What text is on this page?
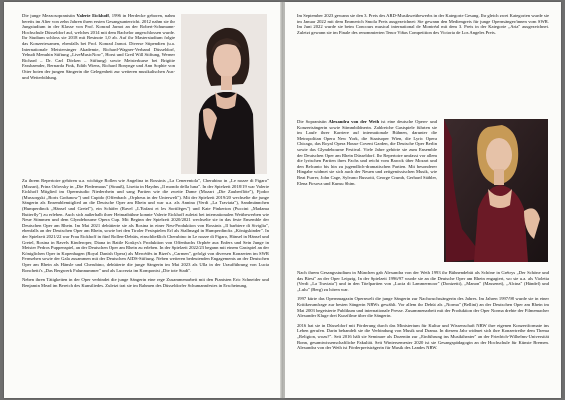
Die junge Mezzosopranistin Valerie Eickhoff, 1996 in Herdecke geboren, nahm bereits im Alter von zehn Jahren ihren ersten Gesangsunterricht. 2012 nahm sie ihr Jungstudium in der Klasse von Prof. Konrad Jarnot an der Robert-Schumann-Hochschule Düsseldorf auf, welches 2014 mit dem Bachelor angeschlossen wurde. Ihr Studium schloss sie 2018 mit Bestnote 1,0 ab. Auf ihr Masterstudium folgte das Konzertexamen, ebenfalls bei Prof. Konrad Jarnot. Diverse Stipendien (u.a. Internationale Meistersinger Akademie, Richard-Wagner-Verband Düsseldorf, Yehudi Menuhin Stiftung „LiveMusicNow", Horst und Gretl Will Stiftung, Werner Richard – Dr. Carl Dörken – Stiftung) sowie Meisterkurse bei Brigitte Fassbaender, Bernarda Fink, Edith Wiens, Richard Bonynge und Ann Sophie von Otter boten der jungen Sängerin die Gelegenheit zur weiteren musikalischen Aus- und Weiterbildung.

Zu ihrem Repertoire gehören u.a. wichtige Rollen wie Angelina in Rossinis „La Cenerentola", Cherubino in „Le nozze di Figaro" (Mozart), Prinz Orlovsky in „Die Fledermaus" (Strauß), Lisetta in Haydns „Il mondo della luna". In der Spielzeit 2018/19 war Valerie Eickhoff Mitglied im Opernstudio Niederrhein und sang Partien wie die zweite Dame (Mozart „Die Zauberflöte"), Fjodor (Mussorgski „Boris Godunow") und Cupido (Offenbach „Orpheus in der Unterwelt"). Mit der Spielzeit 2019/20 wechselte die junge Sängerin als Ensemblemitglied an die Deutsche Oper am Rhein und war u.a. als Annina (Verdi „La Traviata"), Sandmännchen (Humperdinck „Hänsel und Gretel"), ein Schäfer (Ravel „L'Enfant et les Sortilèges") und Kate Pinkerton (Puccini „Madama Butterfly") zu erleben. Auch sich außerhalb ihrer Heimatbühne konnte Valerie Eickhoff zuletzt bei internationalen Wettbewerben wie Neue Stimmen und dem Glyndebourne Opera Cup. Mit Beginn der Spielzeit 2020/2021 wechselte sie in das feste Ensemble der Deutschen Oper am Rhein. Im Mai 2021 debütierte sie als Rosina in einer Neu-Produktion von Rossinis „Il barbiere di Siviglia", ebenfalls an der Deutschen Oper am Rhein, sowie bei den Tiroler Festspielen Erl als Stallmagd in Humperdincks „Königskinder". In der Spielzeit 2021/22 war Frau Eickhoff in fünf Rollen-Debüts, einschließlich Cherubino in Le nozze di Figaro, Hänsel in Hänsel und Gretel, Rosina in Ravels Kinderoper, Diana in Battle Koskys's Produktion von Offenbachs Orphée aux Enfers und Sein Junge in Meister Pedros Puppenspiel, an der Deutschen Oper am Rhein zu erleben. In der Spielzeit 2022/23 begann mit einem Gastspiel an der Königlichen Oper in Kopenhagen (Royal Danish Opera) als Mercédès in Bizet's „Carmen", gefolgt von diversen Konzerten im SWR Fernsehen sowie der Gala zusammen mit der Deutschen AIDS-Stiftung. Neben weiteren bedeutenden Engagements an der Deutschen Oper am Rhein als Hänsle und Cherubino, debütierte die junge Sängerin im Mai 2023 als Ulla in der Uraufführung von Lucia Ronchetti's „Das Bergwerk Falunnummer" und als Lucrezia im Komponist „Die tote Stadt".

Neben ihren Tätigkeiten in der Oper verbindet die junge Sängerin eine rege Zusammenarbeit mit den Pianisten Eric Schneider und Benjamin Mead im Bereich des Kunstliedes. Zuletzt trat sie im Rahmen des Düsseldorfer Schumannfestes in Erscheinung.

Im September 2023 gewann sie den 3. Preis des ARD-Musikwettbewerbs in der Kategorie Gesang. Ihr gleich zwei Kategorien wurde sie im Januar 2022 mit dem Emmerich Smola Preis ausgezeichnet: Sie gewann den Mediengreis für junge Opernsänger/innen vom SWR. Im Juni 2022 wurde sie beim Concours musical international de Montréal mit dem 3. Preis in der Kategorie „Aria" ausgezeichnet. Zuletzt gewann sie im Finale des renommierten Tenor Viñas Competition des Victoria de Los Angeles Preis.

Die Sopranistin Alexandra von der Weth ist eine deutsche Opern- und Konzertsängerin sowie Stimmbildnerin. Zahlreiche Gastspiele führten sie im Laufe ihrer Karriere auf internationale Bühnen, darunter die Metropolitan Opera New York, die Staatsoper Wien, die Lyric Opera Chicago, das Royal Opera House Covent Garden, die Deutsche Oper Berlin sowie das Glyndebourne Festival. Viele Jahre gehörte sie zum Ensemble der Deutschen Oper am Rhein Düsseldorf. Ihr Repertoire umfasst vor allem die lyrischen Partien ihres Fachs und reicht vom Barock über Mozart und den Belcanto bis hin zu jugendlich-dramatischen Partien. Mit besonderer Hingabe widmet sie sich auch der Neuen und zeitgenössischen Musik, wie Beat Furrer, John Cage, Sylvano Bussotti, George Crumb, Gerhard Stäbler, Elena Firsova und Kunsu Shim.

Nach ihrem Gesangsstudium in München gab Alexandra von der Weth 1993 ihr Bühnendebüt als Schöne in Grétrys „Der Schöne und das Biest" an der Oper Leipzig. In der Spielzeit 1996/97 wurde sie an die Deutsche Oper am Rhein engagiert, wo sie u.a. als Violetta (Verdi „La Traviata") und in den Titelpartien von „Lucia di Lammermoor" (Donizetti), „Manon" (Massenet), „Alcina" (Händel) und „Lulu" (Berg) zu hören war.

1997 kürte das Opernmagazin Opernwelt die junge Sängerin zur Nachwuchssängerin des Jahres. Im Jahren 1997/98 wurde sie in einer Kritikerumfrage zur besten Sängerin NRWs gewählt. Vor allem ihr Debüt als „Norma" (Bellini) an der Deutschen Oper am Rhein im Mai 2003 begeisterte Publikum und internationale Presse. Zusammenarbeit mit der Produktion der Oper Norma drehte der Filmemacher Alexander Kluge drei Kurzfilme über die Sängerin.

2016 hat sie in Düsseldorf mit Förderung durch das Ministerium für Kultur und Wissenschaft NRW ihre eigenen Konzertformate ins Leben gerufen. Darin behandelt sie die Verbindung von Musik und Drama. In diesem Jahr widmet sich ihre Konzertreihe dem Thema „Religion, wozu?". Seit 2016 hält sie Seminare als Dozentin zur „Einführung ins Musiktheater" an der Friedrich-Wilhelms-Universität Bonn, gesamtwissenschaftliche Fakultät. Seit Wintersemester 2020 ist sie Gesangspädagogin an der Hochschule für Künste Bremen. Alexandra von der Weth ist Förderpreisträgerin für Musik des Landes NRW.
